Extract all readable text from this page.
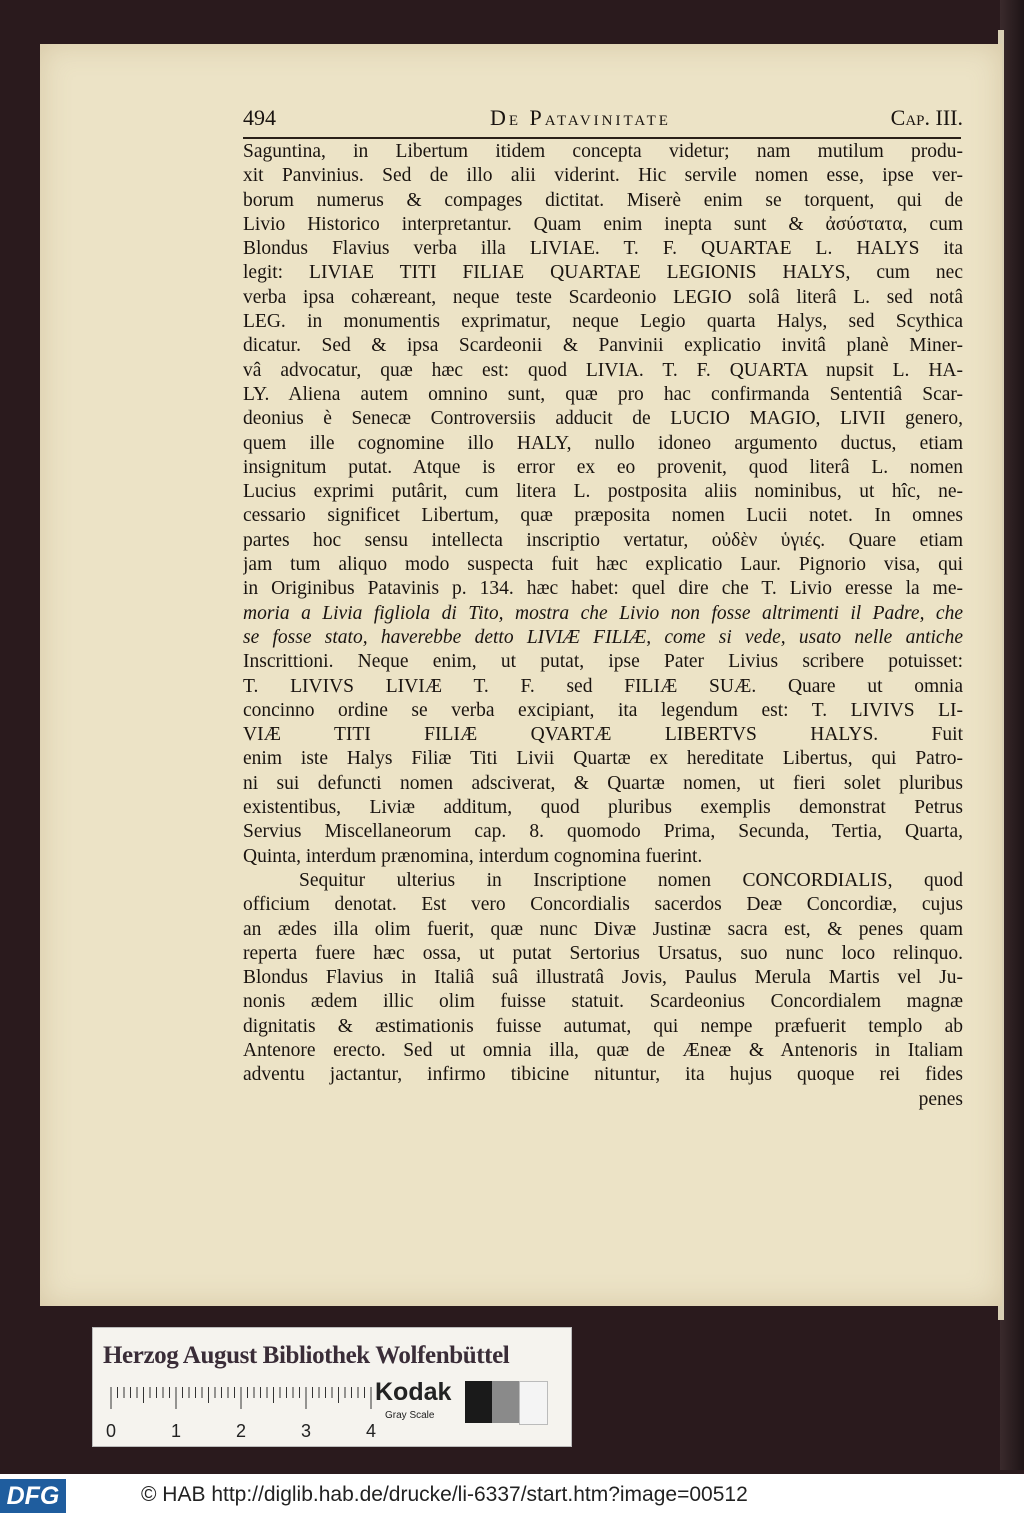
494	De Patavinitate	Cap. III.
Saguntina, in Libertum itidem concepta videtur; nam mutilum produ-
xit Panvinius. Sed de illo alii viderint. Hic servile nomen esse, ipse ver-
borum numerus & compages dictitat. Miserè enim se torquent, qui de
Livio Historico interpretantur. Quam enim inepta sunt & ἀσύστατα, cum
Blondus Flavius verba illa LIVIAE. T. F. QUARTAE L. HALYS ita
legit: LIVIAE TITI FILIAE QUARTAE LEGIONIS HALYS, cum nec
verba ipsa cohæreant, neque teste Scardeonio LEGIO solâ literâ L. sed notâ
LEG. in monumentis exprimatur, neque Legio quarta Halys, sed Scythica
dicatur. Sed & ipsa Scardeonii & Panvinii explicatio invitâ planè Miner-
vâ advocatur, quæ hæc est: quod LIVIA. T. F. QUARTA nupsit L. HA-
LY. Aliena autem omnino sunt, quæ pro hac confirmanda Sententiâ Scar-
deonius è Senecæ Controversiis adducit de LUCIO MAGIO, LIVII genero,
quem ille cognomine illo HALY, nullo idoneo argumento ductus, etiam
insignitum putat. Atque is error ex eo provenit, quod literâ L. nomen
Lucius exprimi putârit, cum litera L. postposita aliis nominibus, ut hîc, ne-
cessario significet Libertum, quæ præposita nomen Lucii notet. In omnes
partes hoc sensu intellecta inscriptio vertatur, οὐδὲν ὑγιές. Quare etiam
jam tum aliquo modo suspecta fuit hæc explicatio Laur. Pignorio visa, qui
in Originibus Patavinis p. 134. hæc habet: quel dire che T. Livio eresse la me-
moria a Livia figliola di Tito, mostra che Livio non fosse altrimenti il Padre, che
se fosse stato, haverebbe detto LIVIÆ FILIÆ, come si vede, usato nelle antiche
Inscrittioni. Neque enim, ut putat, ipse Pater Livius scribere potuisset:
T. LIVIVS LIVIÆ T. F. sed FILIÆ SUÆ. Quare ut omnia
concinno ordine se verba excipiant, ita legendum est: T. LIVIVS LI-
VIÆ TITI FILIÆ QVARTÆ LIBERTVS HALYS. Fuit
enim iste Halys Filiæ Titi Livii Quartæ ex hereditate Libertus, qui Patro-
ni sui defuncti nomen adsciverat, & Quartæ nomen, ut fieri solet pluribus
existentibus, Liviæ additum, quod pluribus exemplis demonstrat Petrus
Servius Miscellaneorum cap. 8. quomodo Prima, Secunda, Tertia, Quarta,
Quinta, interdum prænomina, interdum cognomina fuerint.
Sequitur ulterius in Inscriptione nomen CONCORDIALIS, quod
officium denotat. Est vero Concordialis sacerdos Deæ Concordiæ, cujus
an ædes illa olim fuerit, quæ nunc Divæ Justinæ sacra est, & penes quam
reperta fuere hæc ossa, ut putat Sertorius Ursatus, suo nunc loco relinquo.
Blondus Flavius in Italiâ suâ illustratâ Jovis, Paulus Merula Martis vel Ju-
nonis ædem illic olim fuisse statuit. Scardeonius Concordialem magnæ
dignitatis & æstimationis fuisse autumat, qui nempe præfuerit templo ab
Antenore erecto. Sed ut omnia illa, quæ de Æneæ & Antenoris in Italiam
adventu jactantur, infirmo tibicine nituntur, ita hujus quoque rei fides
penes
Herzog August Bibliothek Wolfenbüttel
0	1	2	3	4
Kodak
Gray Scale
DFG	© HAB http://diglib.hab.de/drucke/li-6337/start.htm?image=00512
